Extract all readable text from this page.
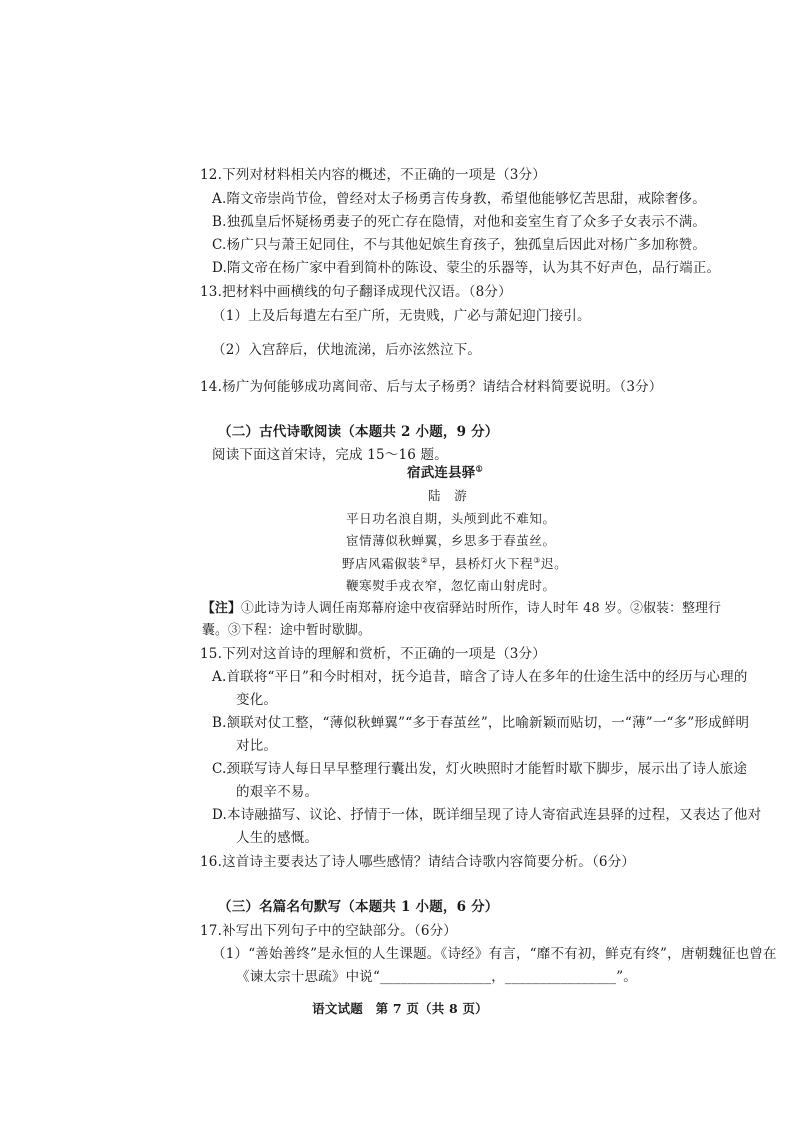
12.下列对材料相关内容的概述，不正确的一项是（3分）
A.隋文帝崇尚节俭，曾经对太子杨勇言传身教，希望他能够忆苦思甜，戒除奢侈。
B.独孤皇后怀疑杨勇妻子的死亡存在隐情，对他和妾室生育了众多子女表示不满。
C.杨广只与萧王妃同住，不与其他妃嫔生育孩子，独孤皇后因此对杨广多加称赞。
D.隋文帝在杨广家中看到简朴的陈设、蒙尘的乐器等，认为其不好声色，品行端正。
13.把材料中画横线的句子翻译成现代汉语。（8分）
（1）上及后每遣左右至广所，无贵贱，广必与萧妃迎门接引。
（2）入宫辞后，伏地流涕，后亦泫然泣下。
14.杨广为何能够成功离间帝、后与太子杨勇？请结合材料简要说明。（3分）
（二）古代诗歌阅读（本题共 2 小题，9 分）
阅读下面这首宋诗，完成 15～16 题。
宿武连县驿①
陆　游
平日功名浪自期，头颅到此不难知。
宦情薄似秋蝉翼，乡思多于春茧丝。
野店风霜俶装②早，县桥灯火下程③迟。
鞭寒熨手戎衣窄，忽忆南山射虎时。
【注】①此诗为诗人调任南郑幕府途中夜宿驿站时所作，诗人时年 48 岁。②俶装：整理行
囊。③下程：途中暂时歇脚。
15.下列对这首诗的理解和赏析，不正确的一项是（3分）
A.首联将“平日”和今时相对，抚今追昔，暗含了诗人在多年的仕途生活中的经历与心理的
变化。
B.颔联对仗工整，“薄似秋蝉翼”“多于春茧丝”，比喻新颖而贴切，一“薄”一“多”形成鲜明
对比。
C.颈联写诗人每日早早整理行囊出发，灯火映照时才能暂时歇下脚步，展示出了诗人旅途
的艰辛不易。
D.本诗融描写、议论、抒情于一体，既详细呈现了诗人寄宿武连县驿的过程，又表达了他对
人生的感慨。
16.这首诗主要表达了诗人哪些感情？请结合诗歌内容简要分析。（6分）
（三）名篇名句默写（本题共 1 小题，6 分）
17.补写出下列句子中的空缺部分。（6分）
（1）“善始善终”是永恒的人生课题。《诗经》有言，“靡不有初，鲜克有终”，唐朝魏征也曾在
《谏太宗十思疏》中说“________________，________________”。
语文试题　第 7 页（共 8 页）
